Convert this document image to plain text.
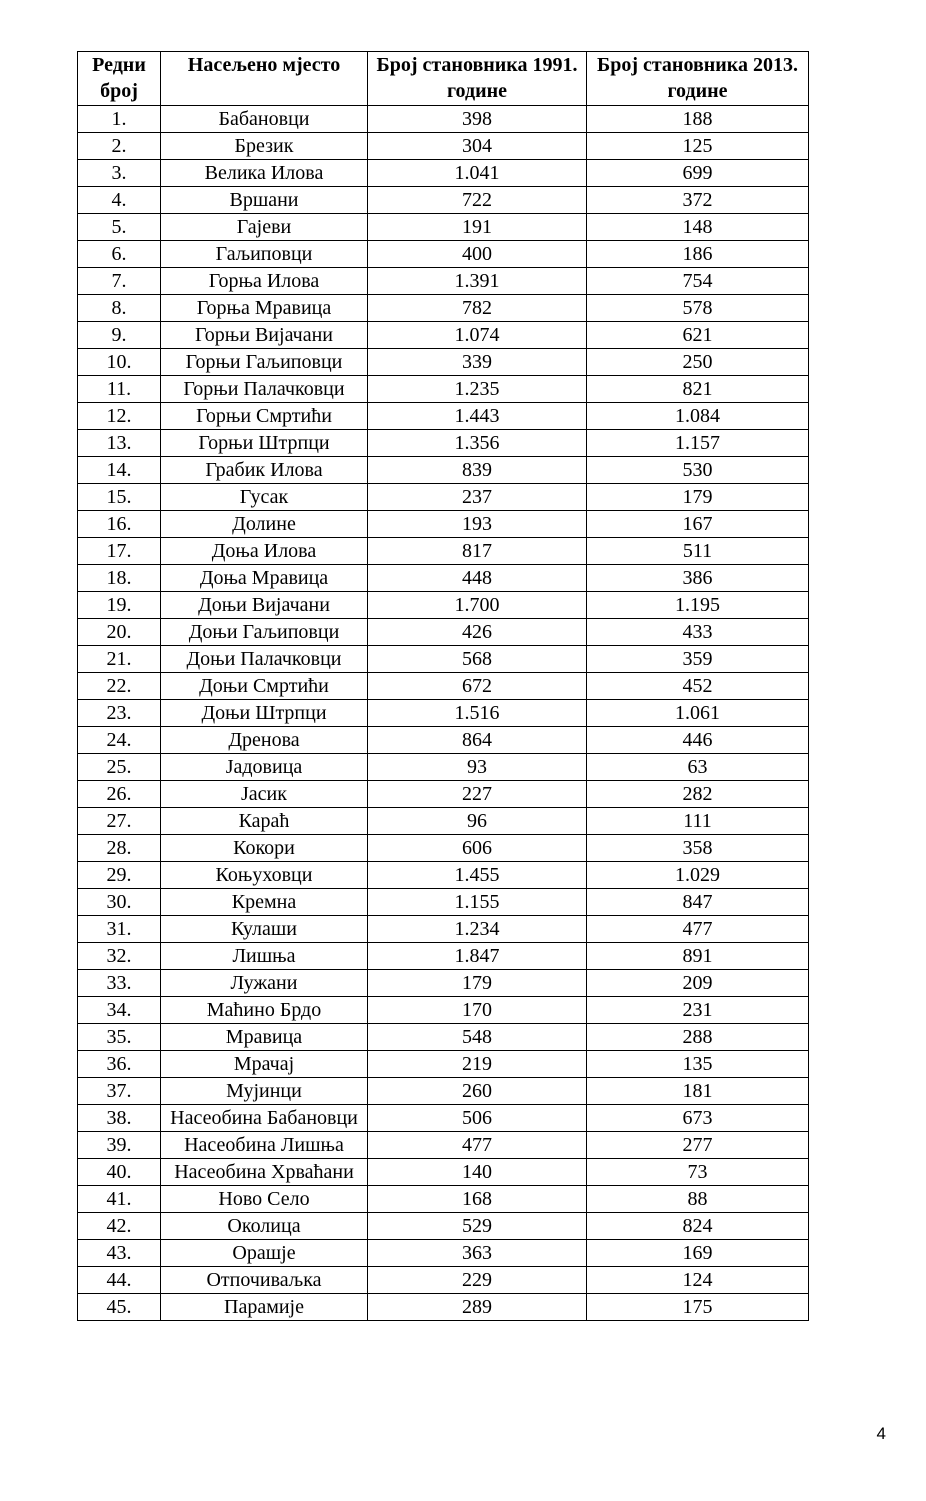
Редни број	Насељено мјесто	Број становника 1991. године	Број становника 2013. године
1.	Бабановци	398	188
2.	Брезик	304	125
3.	Велика Илова	1.041	699
4.	Вршани	722	372
5.	Гајеви	191	148
6.	Гаљиповци	400	186
7.	Горња Илова	1.391	754
8.	Горња Мравица	782	578
9.	Горњи Вијачани	1.074	621
10.	Горњи Гаљиповци	339	250
11.	Горњи Палачковци	1.235	821
12.	Горњи Смртићи	1.443	1.084
13.	Горњи Штрпци	1.356	1.157
14.	Грабик Илова	839	530
15.	Гусак	237	179
16.	Долине	193	167
17.	Доња Илова	817	511
18.	Доња Мравица	448	386
19.	Доњи Вијачани	1.700	1.195
20.	Доњи Гаљиповци	426	433
21.	Доњи Палачковци	568	359
22.	Доњи Смртићи	672	452
23.	Доњи Штрпци	1.516	1.061
24.	Дренова	864	446
25.	Јадовица	93	63
26.	Јасик	227	282
27.	Караћ	96	111
28.	Кокори	606	358
29.	Коњуховци	1.455	1.029
30.	Кремна	1.155	847
31.	Кулаши	1.234	477
32.	Лишња	1.847	891
33.	Лужани	179	209
34.	Маћино Брдо	170	231
35.	Мравица	548	288
36.	Мрачај	219	135
37.	Мујинци	260	181
38.	Насеобина Бабановци	506	673
39.	Насеобина Лишња	477	277
40.	Насеобина Хрваћани	140	73
41.	Ново Село	168	88
42.	Околица	529	824
43.	Орашје	363	169
44.	Отпочиваљка	229	124
45.	Парамије	289	175
4
